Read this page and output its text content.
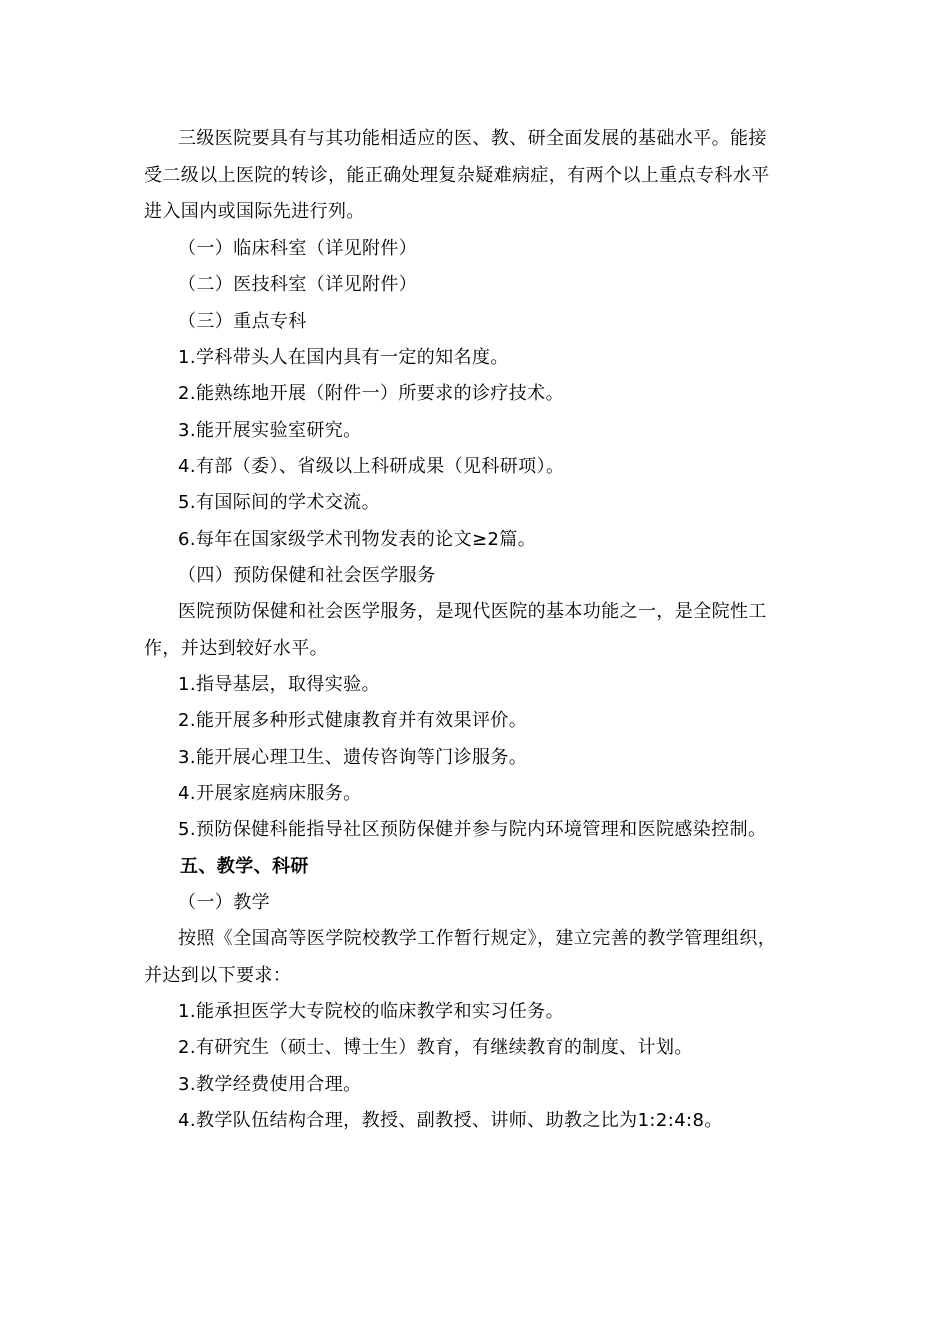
三级医院要具有与其功能相适应的医、教、研全面发展的基础水平。能接
受二级以上医院的转诊，能正确处理复杂疑难病症，有两个以上重点专科水平
进入国内或国际先进行列。
（一）临床科室（详见附件）
（二）医技科室（详见附件）
（三）重点专科
1.学科带头人在国内具有一定的知名度。
2.能熟练地开展（附件一）所要求的诊疗技术。
3.能开展实验室研究。
4.有部（委）、省级以上科研成果（见科研项）。
5.有国际间的学术交流。
6.每年在国家级学术刊物发表的论文≥2篇。
（四）预防保健和社会医学服务
医院预防保健和社会医学服务，是现代医院的基本功能之一，是全院性工
作，并达到较好水平。
1.指导基层，取得实验。
2.能开展多种形式健康教育并有效果评价。
3.能开展心理卫生、遗传咨询等门诊服务。
4.开展家庭病床服务。
5.预防保健科能指导社区预防保健并参与院内环境管理和医院感染控制。
五、教学、科研
（一）教学
按照《全国高等医学院校教学工作暂行规定》，建立完善的教学管理组织，
并达到以下要求：
1.能承担医学大专院校的临床教学和实习任务。
2.有研究生（硕士、博士生）教育，有继续教育的制度、计划。
3.教学经费使用合理。
4.教学队伍结构合理，教授、副教授、讲师、助教之比为1:2:4:8。
